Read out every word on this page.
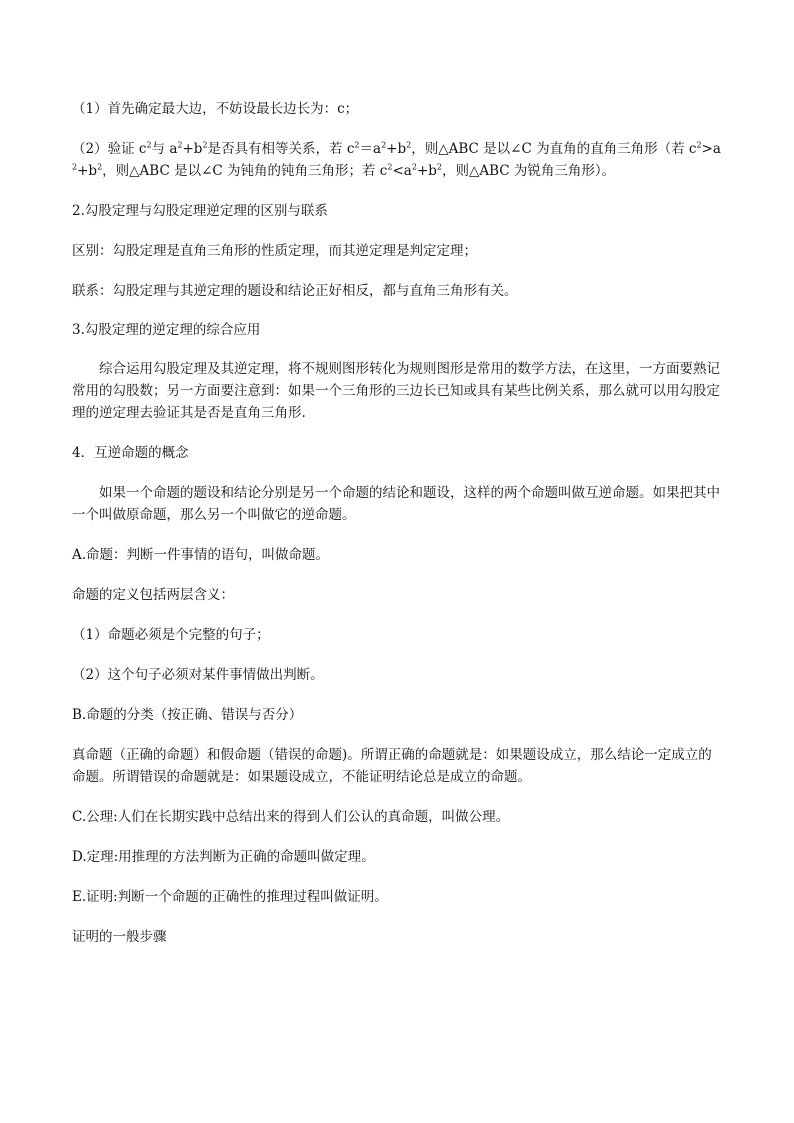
（1）首先确定最大边，不妨设最长边长为：c；

（2）验证 $c^2$与 $a^2+b^2$是否具有相等关系，若 $c^2=a^2+b^2$，则△ABC 是以∠C 为直角的直角三角形（若 $c^2>a^2+b^2$，则△ABC 是以∠C 为钝角的钝角三角形；若 $c^2<a^2+b^2$，则△ABC 为锐角三角形）。

2.勾股定理与勾股定理逆定理的区别与联系

区别：勾股定理是直角三角形的性质定理，而其逆定理是判定定理；

联系：勾股定理与其逆定理的题设和结论正好相反，都与直角三角形有关。

3.勾股定理的逆定理的综合应用

综合运用勾股定理及其逆定理，将不规则图形转化为规则图形是常用的数学方法，在这里，一方面要熟记常用的勾股数；另一方面要注意到：如果一个三角形的三边长已知或具有某些比例关系，那么就可以用勾股定理的逆定理去验证其是否是直角三角形.

4．互逆命题的概念

如果一个命题的题设和结论分别是另一个命题的结论和题设，这样的两个命题叫做互逆命题。如果把其中一个叫做原命题，那么另一个叫做它的逆命题。

A.命题：判断一件事情的语句，叫做命题。

命题的定义包括两层含义：

（1）命题必须是个完整的句子；

（2）这个句子必须对某件事情做出判断。

B.命题的分类（按正确、错误与否分）

真命题（正确的命题）和假命题（错误的命题)。所谓正确的命题就是：如果题设成立，那么结论一定成立的命题。所谓错误的命题就是：如果题设成立，不能证明结论总是成立的命题。

C.公理:人们在长期实践中总结出来的得到人们公认的真命题，叫做公理。

D.定理:用推理的方法判断为正确的命题叫做定理。

E.证明:判断一个命题的正确性的推理过程叫做证明。

证明的一般步骤
